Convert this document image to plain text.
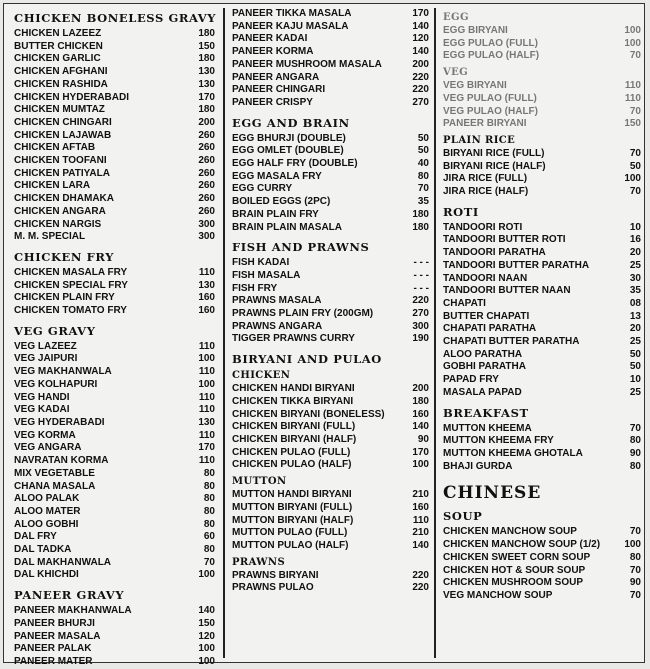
CHICKEN BONELESS GRAVY
CHICKEN LAZEEZ	180
BUTTER CHICKEN	150
CHICKEN GARLIC	180
CHICKEN AFGHANI	130
CHICKEN RASHIDA	130
CHICKEN HYDERABADI	170
CHICKEN MUMTAZ	180
CHICKEN CHINGARI	200
CHICKEN LAJAWAB	260
CHICKEN AFTAB	260
CHICKEN TOOFANI	260
CHICKEN PATIYALA	260
CHICKEN LARA	260
CHICKEN DHAMAKA	260
CHICKEN ANGARA	260
CHICKEN NARGIS	300
M. M. SPECIAL	300
CHICKEN FRY
CHICKEN MASALA FRY	110
CHICKEN SPECIAL FRY	130
CHICKEN PLAIN FRY	160
CHICKEN TOMATO FRY	160
VEG GRAVY
VEG LAZEEZ	110
VEG JAIPURI	100
VEG MAKHANWALA	110
VEG KOLHAPURI	100
VEG HANDI	110
VEG KADAI	110
VEG HYDERABADI	130
VEG KORMA	110
VEG ANGARA	170
NAVRATAN KORMA	110
MIX VEGETABLE	80
CHANA MASALA	80
ALOO PALAK	80
ALOO MATER	80
ALOO GOBHI	80
DAL FRY	60
DAL TADKA	80
DAL MAKHANWALA	70
DAL KHICHDI	100
PANEER GRAVY
PANEER MAKHANWALA	140
PANEER BHURJI	150
PANEER MASALA	120
PANEER PALAK	100
PANEER MATER	100
PANEER TIKKA MASALA	170
PANEER KAJU MASALA	140
PANEER KADAI	120
PANEER KORMA	140
PANEER MUSHROOM MASALA	200
PANEER ANGARA	220
PANEER CHINGARI	220
PANEER CRISPY	270
EGG AND BRAIN
EGG BHURJI (DOUBLE)	50
EGG OMLET (DOUBLE)	50
EGG HALF FRY (DOUBLE)	40
EGG MASALA FRY	80
EGG CURRY	70
BOILED EGGS (2PC)	35
BRAIN PLAIN FRY	180
BRAIN PLAIN MASALA	180
FISH AND PRAWNS
FISH KADAI	- - -
FISH MASALA	- - -
FISH FRY	- - -
PRAWNS MASALA	220
PRAWNS PLAIN FRY (200GM)	270
PRAWNS ANGARA	300
TIGGER PRAWNS CURRY	190
BIRYANI AND PULAO
CHICKEN
CHICKEN HANDI BIRYANI	200
CHICKEN TIKKA BIRYANI	180
CHICKEN BIRYANI (BONELESS)	160
CHICKEN BIRYANI (FULL)	140
CHICKEN BIRYANI (HALF)	90
CHICKEN PULAO (FULL)	170
CHICKEN PULAO (HALF)	100
MUTTON
MUTTON HANDI BIRYANI	210
MUTTON BIRYANI (FULL)	160
MUTTON BIRYANI (HALF)	110
MUTTON PULAO (FULL)	210
MUTTON PULAO (HALF)	140
PRAWNS
PRAWNS BIRYANI	220
PRAWNS PULAO	220
EGG
EGG BIRYANI	100
EGG PULAO (FULL)	100
EGG PULAO (HALF)	70
VEG
VEG BIRYANI	110
VEG PULAO (FULL)	110
VEG PULAO (HALF)	70
PANEER BIRYANI	150
PLAIN RICE
BIRYANI RICE (FULL)	70
BIRYANI RICE (HALF)	50
JIRA RICE (FULL)	100
JIRA RICE (HALF)	70
ROTI
TANDOORI ROTI	10
TANDOORI BUTTER ROTI	16
TANDOORI PARATHA	20
TANDOORI BUTTER PARATHA	25
TANDOORI NAAN	30
TANDOORI BUTTER NAAN	35
CHAPATI	08
BUTTER CHAPATI	13
CHAPATI PARATHA	20
CHAPATI BUTTER PARATHA	25
ALOO PARATHA	50
GOBHI PARATHA	50
PAPAD FRY	10
MASALA PAPAD	25
BREAKFAST
MUTTON KHEEMA	70
MUTTON KHEEMA FRY	80
MUTTON KHEEMA GHOTALA	90
BHAJI GURDA	80
CHINESE
SOUP
CHICKEN MANCHOW SOUP	70
CHICKEN MANCHOW SOUP (1/2)	100
CHICKEN SWEET CORN SOUP	80
CHICKEN HOT & SOUR SOUP	70
CHICKEN MUSHROOM SOUP	90
VEG MANCHOW SOUP	70
